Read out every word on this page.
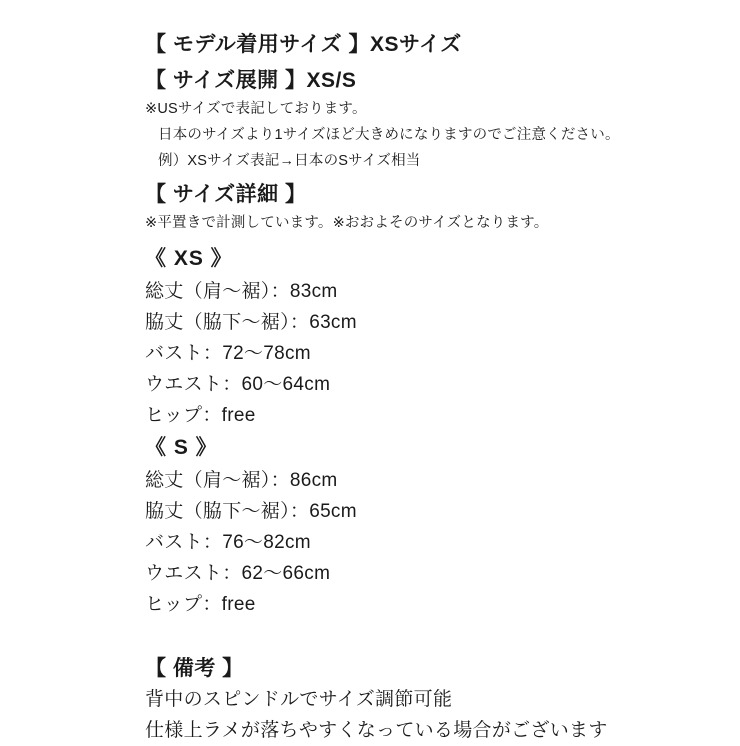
【 モデル着用サイズ 】XSサイズ
【 サイズ展開 】XS/S
※USサイズで表記しております。
日本のサイズより1サイズほど大きめになりますのでご注意ください。
例）XSサイズ表記→日本のSサイズ相当
【 サイズ詳細 】
※平置きで計測しています。※おおよそのサイズとなります。
《 XS 》
総丈（肩〜裾）：83cm
脇丈（脇下〜裾）：63cm
バスト：72〜78cm
ウエスト：60〜64cm
ヒップ：free
《 S 》
総丈（肩〜裾）：86cm
脇丈（脇下〜裾）：65cm
バスト：76〜82cm
ウエスト：62〜66cm
ヒップ：free
【 備考 】
背中のスピンドルでサイズ調節可能
仕様上ラメが落ちやすくなっている場合がございます
